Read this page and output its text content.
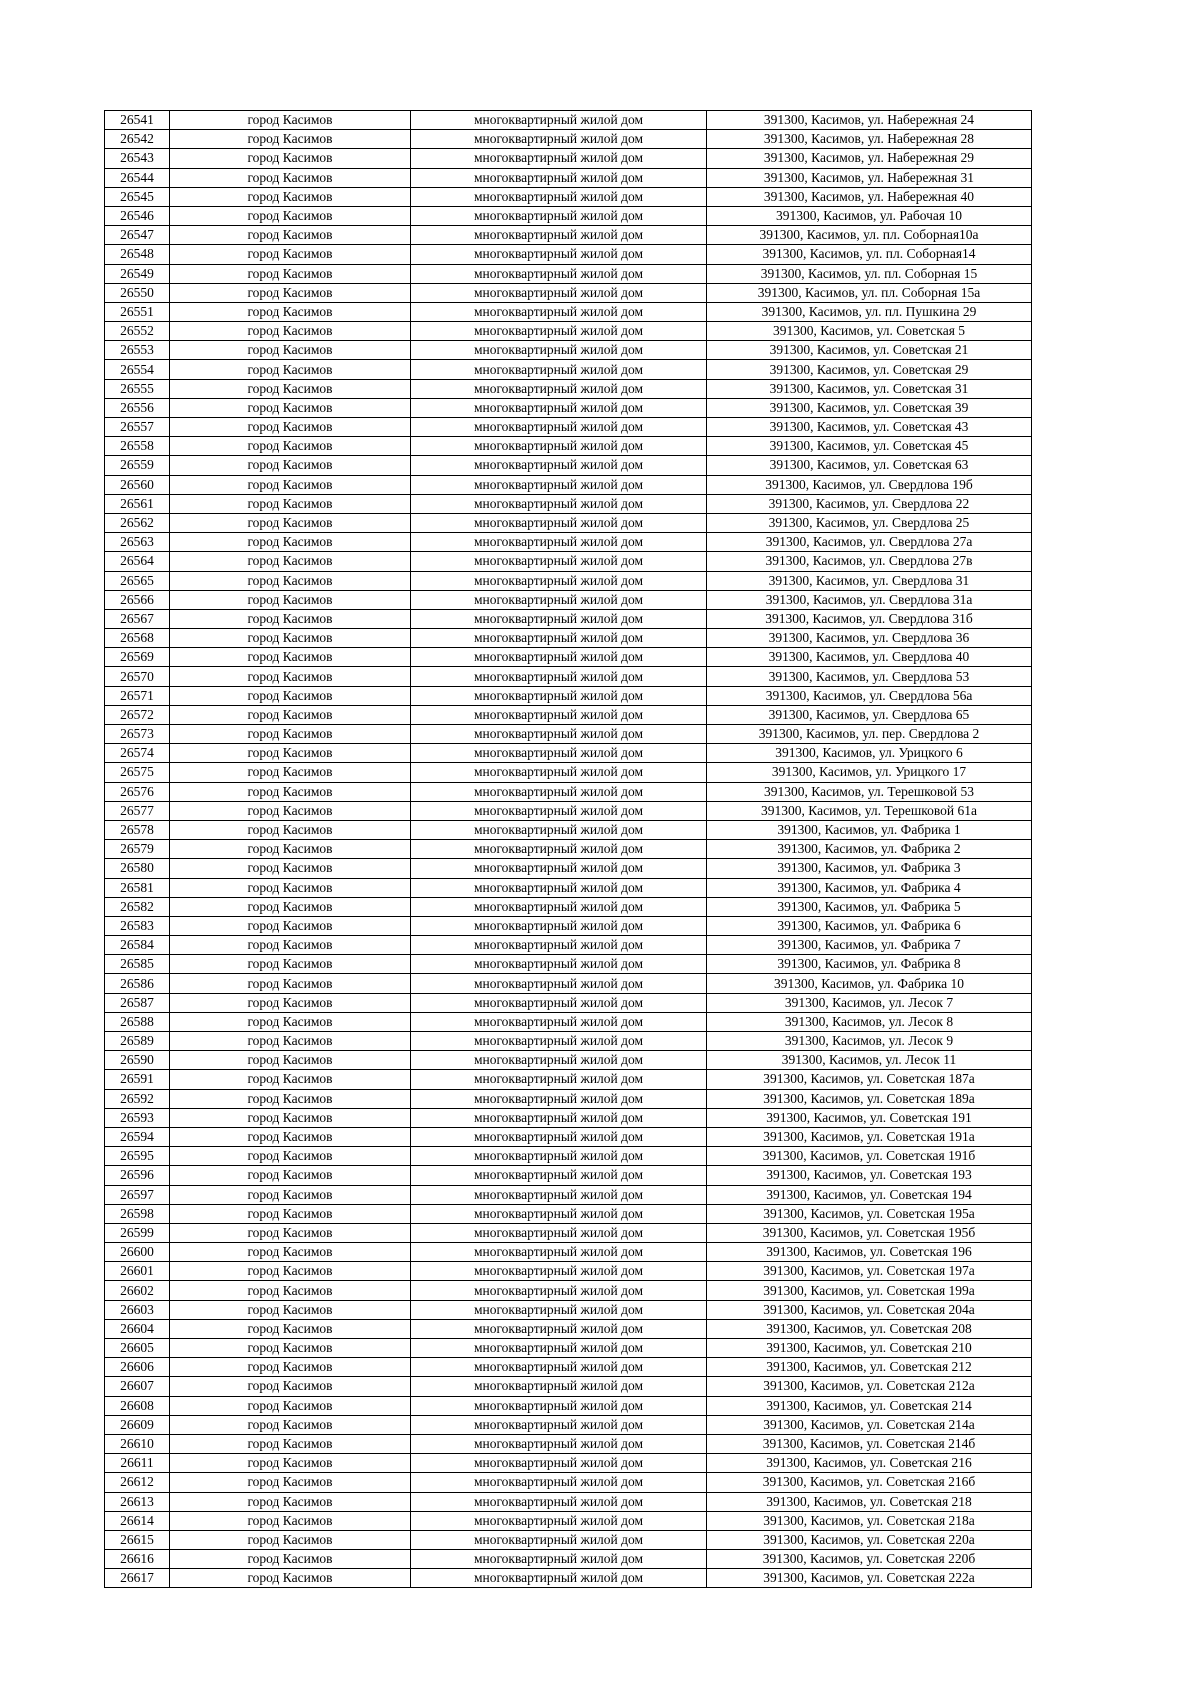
26541	город Касимов	многоквартирный жилой дом	391300, Касимов, ул. Набережная 24
26542	город Касимов	многоквартирный жилой дом	391300, Касимов, ул. Набережная 28
26543	город Касимов	многоквартирный жилой дом	391300, Касимов, ул. Набережная 29
26544	город Касимов	многоквартирный жилой дом	391300, Касимов, ул. Набережная 31
26545	город Касимов	многоквартирный жилой дом	391300, Касимов, ул. Набережная 40
26546	город Касимов	многоквартирный жилой дом	391300, Касимов, ул. Рабочая 10
26547	город Касимов	многоквартирный жилой дом	391300, Касимов, ул. пл. Соборная10а
26548	город Касимов	многоквартирный жилой дом	391300, Касимов, ул. пл. Соборная14
26549	город Касимов	многоквартирный жилой дом	391300, Касимов, ул. пл. Соборная 15
26550	город Касимов	многоквартирный жилой дом	391300, Касимов, ул. пл. Соборная 15а
26551	город Касимов	многоквартирный жилой дом	391300, Касимов, ул. пл. Пушкина 29
26552	город Касимов	многоквартирный жилой дом	391300, Касимов, ул. Советская 5
26553	город Касимов	многоквартирный жилой дом	391300, Касимов, ул. Советская 21
26554	город Касимов	многоквартирный жилой дом	391300, Касимов, ул. Советская 29
26555	город Касимов	многоквартирный жилой дом	391300, Касимов, ул. Советская 31
26556	город Касимов	многоквартирный жилой дом	391300, Касимов, ул. Советская 39
26557	город Касимов	многоквартирный жилой дом	391300, Касимов, ул. Советская 43
26558	город Касимов	многоквартирный жилой дом	391300, Касимов, ул. Советская 45
26559	город Касимов	многоквартирный жилой дом	391300, Касимов, ул. Советская 63
26560	город Касимов	многоквартирный жилой дом	391300, Касимов, ул. Свердлова 19б
26561	город Касимов	многоквартирный жилой дом	391300, Касимов, ул. Свердлова 22
26562	город Касимов	многоквартирный жилой дом	391300, Касимов, ул. Свердлова 25
26563	город Касимов	многоквартирный жилой дом	391300, Касимов, ул. Свердлова 27а
26564	город Касимов	многоквартирный жилой дом	391300, Касимов, ул. Свердлова 27в
26565	город Касимов	многоквартирный жилой дом	391300, Касимов, ул. Свердлова 31
26566	город Касимов	многоквартирный жилой дом	391300, Касимов, ул. Свердлова 31а
26567	город Касимов	многоквартирный жилой дом	391300, Касимов, ул. Свердлова 31б
26568	город Касимов	многоквартирный жилой дом	391300, Касимов, ул. Свердлова 36
26569	город Касимов	многоквартирный жилой дом	391300, Касимов, ул. Свердлова 40
26570	город Касимов	многоквартирный жилой дом	391300, Касимов, ул. Свердлова 53
26571	город Касимов	многоквартирный жилой дом	391300, Касимов, ул. Свердлова 56а
26572	город Касимов	многоквартирный жилой дом	391300, Касимов, ул. Свердлова 65
26573	город Касимов	многоквартирный жилой дом	391300, Касимов, ул. пер. Свердлова 2
26574	город Касимов	многоквартирный жилой дом	391300, Касимов, ул. Урицкого 6
26575	город Касимов	многоквартирный жилой дом	391300, Касимов, ул. Урицкого 17
26576	город Касимов	многоквартирный жилой дом	391300, Касимов, ул. Терешковой 53
26577	город Касимов	многоквартирный жилой дом	391300, Касимов, ул. Терешковой 61а
26578	город Касимов	многоквартирный жилой дом	391300, Касимов, ул. Фабрика 1
26579	город Касимов	многоквартирный жилой дом	391300, Касимов, ул. Фабрика 2
26580	город Касимов	многоквартирный жилой дом	391300, Касимов, ул. Фабрика 3
26581	город Касимов	многоквартирный жилой дом	391300, Касимов, ул. Фабрика 4
26582	город Касимов	многоквартирный жилой дом	391300, Касимов, ул. Фабрика 5
26583	город Касимов	многоквартирный жилой дом	391300, Касимов, ул. Фабрика 6
26584	город Касимов	многоквартирный жилой дом	391300, Касимов, ул. Фабрика 7
26585	город Касимов	многоквартирный жилой дом	391300, Касимов, ул. Фабрика 8
26586	город Касимов	многоквартирный жилой дом	391300, Касимов, ул. Фабрика 10
26587	город Касимов	многоквартирный жилой дом	391300, Касимов, ул. Лесок 7
26588	город Касимов	многоквартирный жилой дом	391300, Касимов, ул. Лесок 8
26589	город Касимов	многоквартирный жилой дом	391300, Касимов, ул. Лесок 9
26590	город Касимов	многоквартирный жилой дом	391300, Касимов, ул. Лесок 11
26591	город Касимов	многоквартирный жилой дом	391300, Касимов, ул. Советская 187а
26592	город Касимов	многоквартирный жилой дом	391300, Касимов, ул. Советская 189а
26593	город Касимов	многоквартирный жилой дом	391300, Касимов, ул. Советская 191
26594	город Касимов	многоквартирный жилой дом	391300, Касимов, ул. Советская 191а
26595	город Касимов	многоквартирный жилой дом	391300, Касимов, ул. Советская 191б
26596	город Касимов	многоквартирный жилой дом	391300, Касимов, ул. Советская 193
26597	город Касимов	многоквартирный жилой дом	391300, Касимов, ул. Советская 194
26598	город Касимов	многоквартирный жилой дом	391300, Касимов, ул. Советская 195а
26599	город Касимов	многоквартирный жилой дом	391300, Касимов, ул. Советская 195б
26600	город Касимов	многоквартирный жилой дом	391300, Касимов, ул. Советская 196
26601	город Касимов	многоквартирный жилой дом	391300, Касимов, ул. Советская 197а
26602	город Касимов	многоквартирный жилой дом	391300, Касимов, ул. Советская 199а
26603	город Касимов	многоквартирный жилой дом	391300, Касимов, ул. Советская 204а
26604	город Касимов	многоквартирный жилой дом	391300, Касимов, ул. Советская 208
26605	город Касимов	многоквартирный жилой дом	391300, Касимов, ул. Советская 210
26606	город Касимов	многоквартирный жилой дом	391300, Касимов, ул. Советская 212
26607	город Касимов	многоквартирный жилой дом	391300, Касимов, ул. Советская 212а
26608	город Касимов	многоквартирный жилой дом	391300, Касимов, ул. Советская 214
26609	город Касимов	многоквартирный жилой дом	391300, Касимов, ул. Советская 214а
26610	город Касимов	многоквартирный жилой дом	391300, Касимов, ул. Советская 214б
26611	город Касимов	многоквартирный жилой дом	391300, Касимов, ул. Советская 216
26612	город Касимов	многоквартирный жилой дом	391300, Касимов, ул. Советская 216б
26613	город Касимов	многоквартирный жилой дом	391300, Касимов, ул. Советская 218
26614	город Касимов	многоквартирный жилой дом	391300, Касимов, ул. Советская 218а
26615	город Касимов	многоквартирный жилой дом	391300, Касимов, ул. Советская 220а
26616	город Касимов	многоквартирный жилой дом	391300, Касимов, ул. Советская 220б
26617	город Касимов	многоквартирный жилой дом	391300, Касимов, ул. Советская 222а
